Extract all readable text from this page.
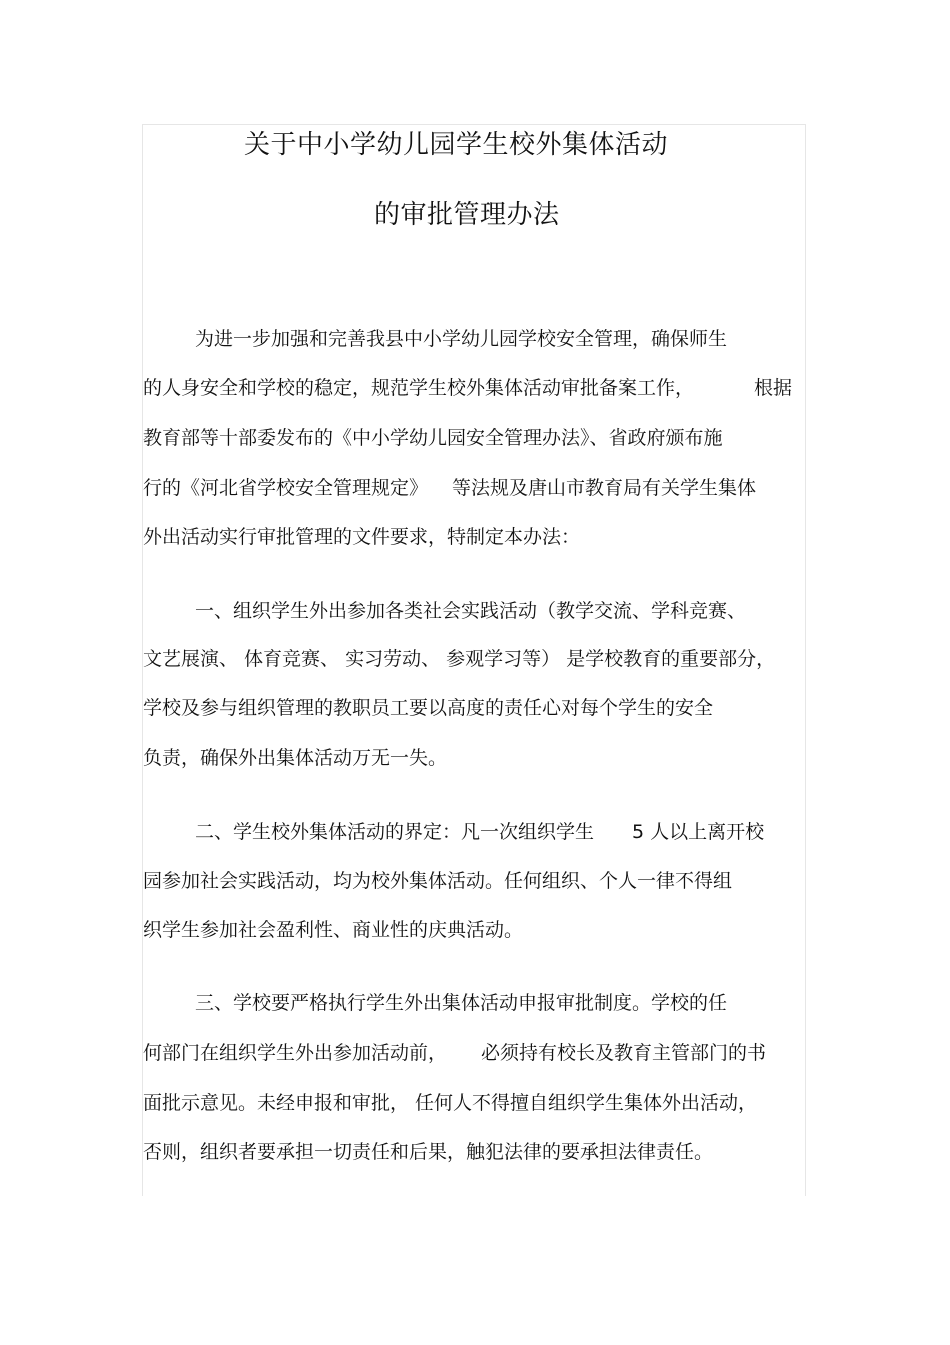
关于中小学幼儿园学生校外集体活动
的审批管理办法
为进一步加强和完善我县中小学幼儿园学校安全管理，确保师生
的人身安全和学校的稳定，规范学生校外集体活动审批备案工作，	根据
教育部等十部委发布的《中小学幼儿园安全管理办法》、省政府颁布施
行的《河北省学校安全管理规定》 等法规及唐山市教育局有关学生集体
外出活动实行审批管理的文件要求，特制定本办法：
一、组织学生外出参加各类社会实践活动（教学交流、学科竞赛、
文艺展演、 体育竞赛、 实习劳动、 参观学习等） 是学校教育的重要部分，
学校及参与组织管理的教职员工要以高度的责任心对每个学生的安全
负责，确保外出集体活动万无一失。
二、学生校外集体活动的界定：凡一次组织学生 5 人以上离开校
园参加社会实践活动，均为校外集体活动。任何组织、个人一律不得组
织学生参加社会盈利性、商业性的庆典活动。
三、学校要严格执行学生外出集体活动申报审批制度。学校的任
何部门在组织学生外出参加活动前， 必须持有校长及教育主管部门的书
面批示意见。未经申报和审批， 任何人不得擅自组织学生集体外出活动，
否则，组织者要承担一切责任和后果，触犯法律的要承担法律责任。
